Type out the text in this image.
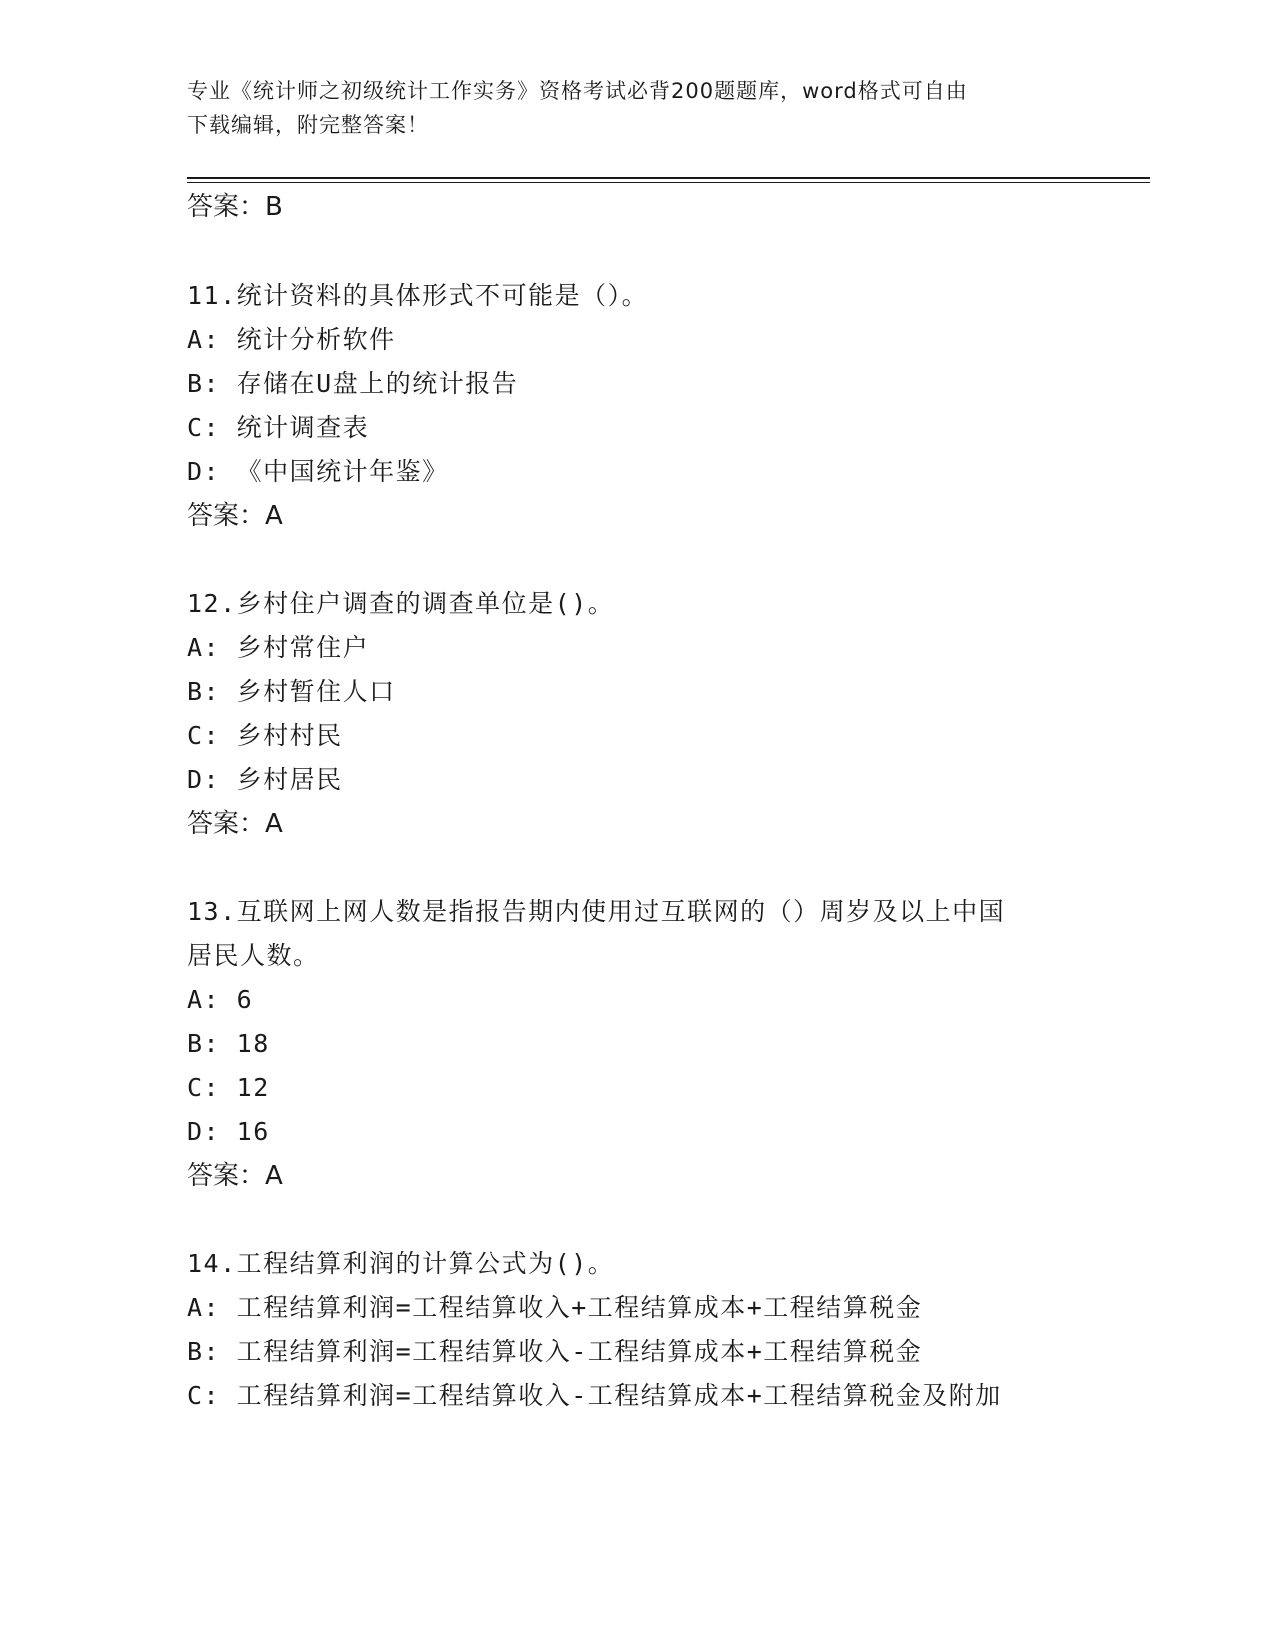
专业《统计师之初级统计工作实务》资格考试必背200题题库，word格式可自由
下载编辑，附完整答案！
答案：B
11.统计资料的具体形式不可能是（）。
A: 统计分析软件
B: 存储在U盘上的统计报告
C: 统计调查表
D: 《中国统计年鉴》
答案：A
12.乡村住户调查的调查单位是()。
A: 乡村常住户
B: 乡村暂住人口
C: 乡村村民
D: 乡村居民
答案：A
13.互联网上网人数是指报告期内使用过互联网的（）周岁及以上中国
居民人数。
A: 6
B: 18
C: 12
D: 16
答案：A
14.工程结算利润的计算公式为()。
A: 工程结算利润=工程结算收入+工程结算成本+工程结算税金
B: 工程结算利润=工程结算收入-工程结算成本+工程结算税金
C: 工程结算利润=工程结算收入-工程结算成本+工程结算税金及附加
